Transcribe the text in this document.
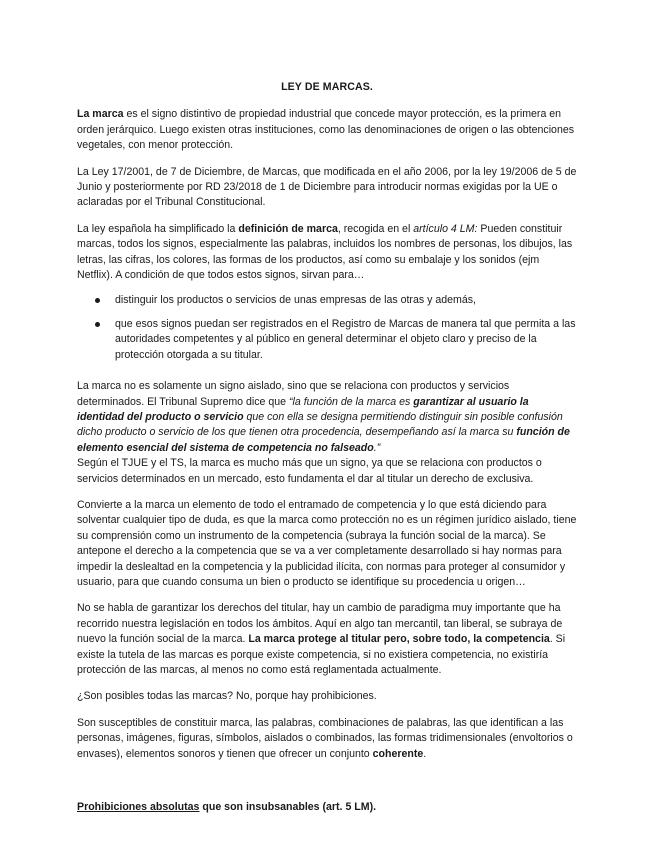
LEY DE MARCAS.

La marca es el signo distintivo de propiedad industrial que concede mayor protección, es la primera en orden jerárquico. Luego existen otras instituciones, como las denominaciones de origen o las obtenciones vegetales, con menor protección.

La Ley 17/2001, de 7 de Diciembre, de Marcas, que modificada en el año 2006, por la ley 19/2006 de 5 de Junio y posteriormente por RD 23/2018 de 1 de Diciembre para introducir normas exigidas por la UE o aclaradas por el Tribunal Constitucional.

La ley española ha simplificado la definición de marca, recogida en el artículo 4 LM: Pueden constituir marcas, todos los signos, especialmente las palabras, incluidos los nombres de personas, los dibujos, las letras, las cifras, los colores, las formas de los productos, así como su embalaje y los sonidos (ejm Netflix). A condición de que todos estos signos, sirvan para…

distinguir los productos o servicios de unas empresas de las otras y además,
que esos signos puedan ser registrados en el Registro de Marcas de manera tal que permita a las autoridades competentes y al público en general determinar el objeto claro y preciso de la protección otorgada a su titular.

La marca no es solamente un signo aislado, sino que se relaciona con productos y servicios determinados. El Tribunal Supremo dice que “la función de la marca es garantizar al usuario la identidad del producto o servicio que con ella se designa permitiendo distinguir sin posible confusión dicho producto o servicio de los que tienen otra procedencia, desempeñando así la marca su función de elemento esencial del sistema de competencia no falseado.”

Según el TJUE y el TS, la marca es mucho más que un signo, ya que se relaciona con productos o servicios determinados en un mercado, esto fundamenta el dar al titular un derecho de exclusiva.

Convierte a la marca un elemento de todo el entramado de competencia y lo que está diciendo para solventar cualquier tipo de duda, es que la marca como protección no es un régimen jurídico aislado, tiene su comprensión como un instrumento de la competencia (subraya la función social de la marca). Se antepone el derecho a la competencia que se va a ver completamente desarrollado si hay normas para impedir la deslealtad en la competencia y la publicidad ilícita, con normas para proteger al consumidor y usuario, para que cuando consuma un bien o producto se identifique su procedencia u origen…

No se habla de garantizar los derechos del titular, hay un cambio de paradigma muy importante que ha recorrido nuestra legislación en todos los ámbitos. Aquí en algo tan mercantil, tan liberal, se subraya de nuevo la función social de la marca. La marca protege al titular pero, sobre todo, la competencia. Si existe la tutela de las marcas es porque existe competencia, si no existiera competencia, no existiría protección de las marcas, al menos no como está reglamentada actualmente.

¿Son posibles todas las marcas? No, porque hay prohibiciones.

Son susceptibles de constituir marca, las palabras, combinaciones de palabras, las que identifican a las personas, imágenes, figuras, símbolos, aislados o combinados, las formas tridimensionales (envoltorios o envases), elementos sonoros y tienen que ofrecer un conjunto coherente.

Prohibiciones absolutas que son insubsanables (art. 5 LM).
